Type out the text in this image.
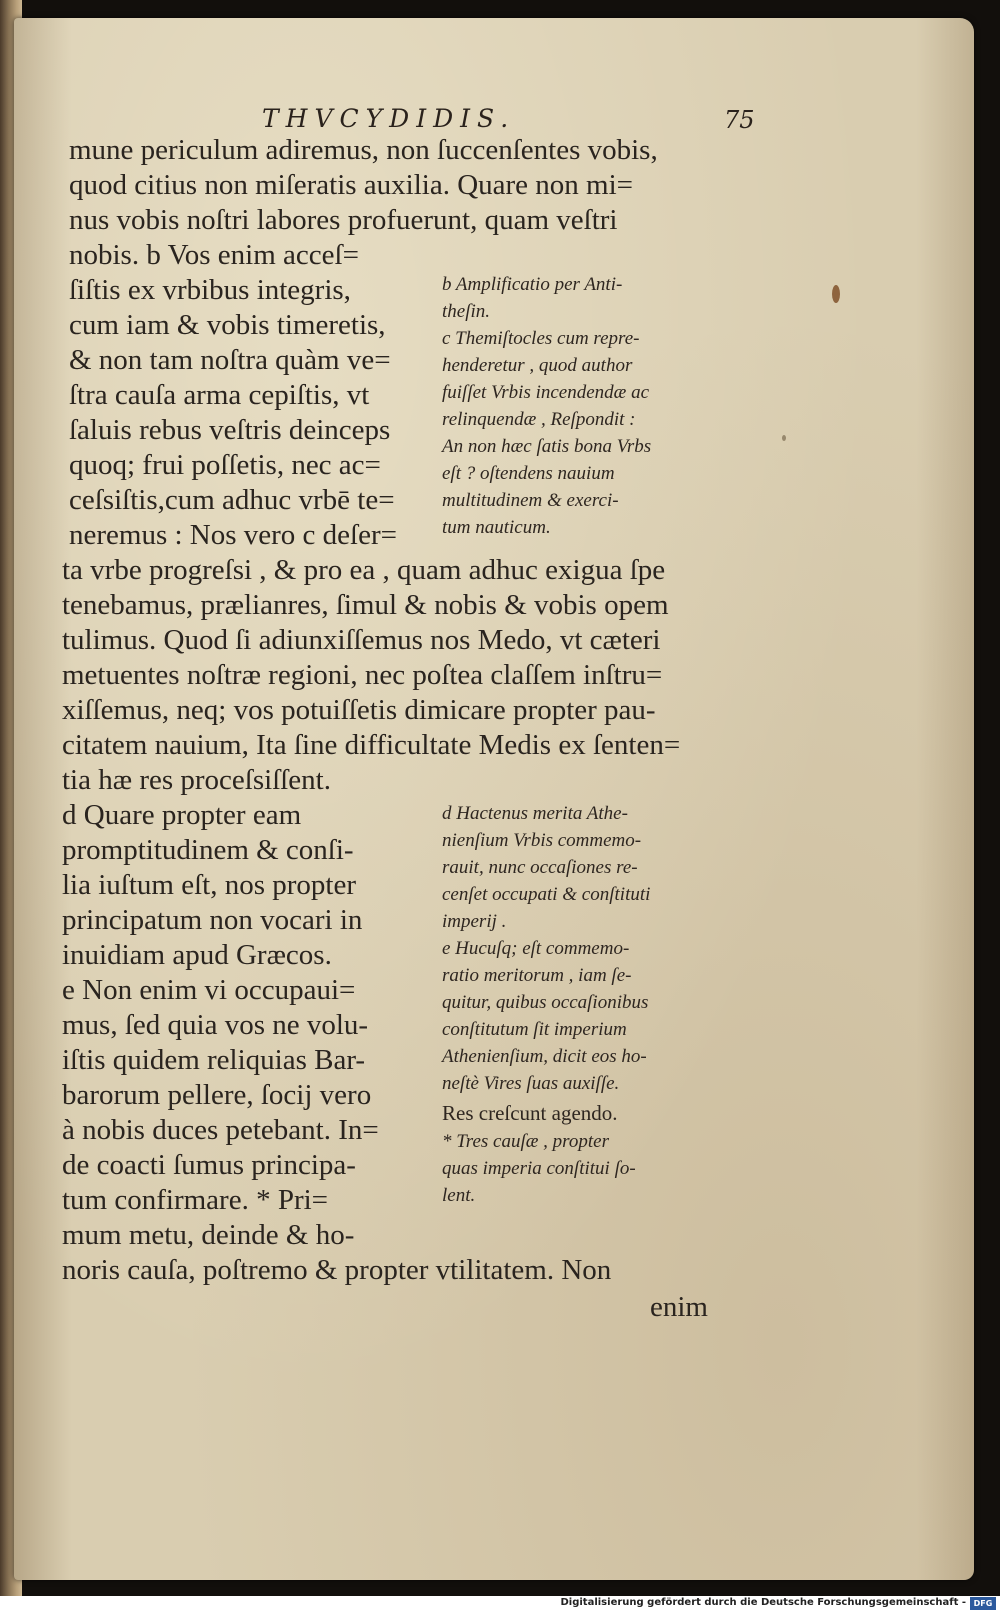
THVCYDIDIS.	75
mune periculum adiremus, non ſuccenſentes vobis,
quod citius non miſeratis auxilia. Quare non mi=
nus vobis noſtri labores profuerunt, quam veſtri
nobis. b Vos enim acceſ=
ſiſtis ex vrbibus integris,
cum iam & vobis timeretis,
& non tam noſtra quàm ve=
ſtra cauſa arma cepiſtis, vt
ſaluis rebus veſtris deinceps
quoq; frui poſſetis, nec ac=
ceſsiſtis,cum adhuc vrbē te=
neremus : Nos vero c deſer=
ta vrbe progreſsi , & pro ea , quam adhuc exigua ſpe
tenebamus, prælianres, ſimul & nobis & vobis opem
tulimus. Quod ſi adiunxiſſemus nos Medo, vt cæteri
metuentes noſtræ regioni, nec poſtea claſſem inſtru=
xiſſemus, neq; vos potuiſſetis dimicare propter pau-
citatem nauium, Ita ſine difficultate Medis ex ſenten=
tia hæ res proceſsiſſent.
d Quare propter eam
promptitudinem & conſi-
lia iuſtum eſt, nos propter
principatum non vocari in
inuidiam apud Græcos.
e Non enim vi occupaui=
mus, ſed quia vos ne volu-
iſtis quidem reliquias Bar-
barorum pellere, ſocij vero
à nobis duces petebant. In=
de coacti ſumus principa-
tum confirmare. * Pri=
mum metu, deinde & ho-
noris cauſa, poſtremo & propter vtilitatem. Non
enim
b Amplificatio per Anti-
theſin.
c Themiſtocles cum repre-
henderetur , quod author
fuiſſet Vrbis incendendæ ac
relinquendæ , Reſpondit :
An non hæc ſatis bona Vrbs
eſt ? oſtendens nauium
multitudinem & exerci-
tum nauticum.
d Hactenus merita Athe-
nienſium Vrbis commemo-
rauit, nunc occaſiones re-
cenſet occupati & conſtituti
imperij .
e Hucuſq; eſt commemo-
ratio meritorum , iam ſe-
quitur, quibus occaſionibus
conſtitutum ſit imperium
Athenienſium, dicit eos ho-
neſtè Vires ſuas auxiſſe.
Res creſcunt agendo.
* Tres cauſæ , propter
quas imperia conſtitui ſo-
lent.
Digitalisierung gefördert durch die Deutsche Forschungsgemeinschaft - DFG
